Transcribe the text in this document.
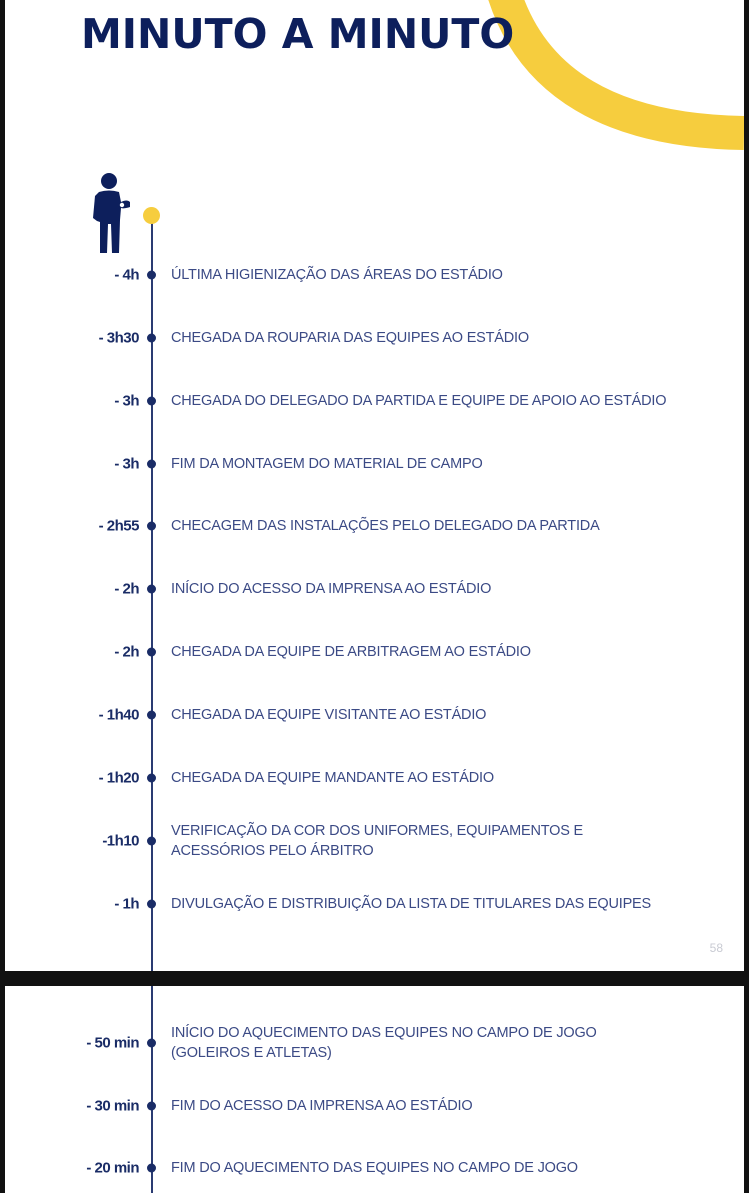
MINUTO A MINUTO
- 4h ÚLTIMA HIGIENIZAÇÃO DAS ÁREAS DO ESTÁDIO
- 3h30 CHEGADA DA ROUPARIA DAS EQUIPES AO ESTÁDIO
- 3h CHEGADA DO DELEGADO DA PARTIDA E EQUIPE DE APOIO AO ESTÁDIO
- 3h FIM DA MONTAGEM DO MATERIAL DE CAMPO
- 2h55 CHECAGEM DAS INSTALAÇÕES PELO DELEGADO DA PARTIDA
- 2h INÍCIO DO ACESSO DA IMPRENSA AO ESTÁDIO
- 2h CHEGADA DA EQUIPE DE ARBITRAGEM AO ESTÁDIO
- 1h40 CHEGADA DA EQUIPE VISITANTE AO ESTÁDIO
- 1h20 CHEGADA DA EQUIPE MANDANTE AO ESTÁDIO
-1h10
VERIFICAÇÃO DA COR DOS UNIFORMES, EQUIPAMENTOS E
ACESSÓRIOS PELO ÁRBITRO
- 1h DIVULGAÇÃO E DISTRIBUIÇÃO DA LISTA DE TITULARES DAS EQUIPES
58
- 50 min
INÍCIO DO AQUECIMENTO DAS EQUIPES NO CAMPO DE JOGO
(GOLEIROS E ATLETAS)
- 30 min FIM DO ACESSO DA IMPRENSA AO ESTÁDIO
- 20 min FIM DO AQUECIMENTO DAS EQUIPES NO CAMPO DE JOGO
